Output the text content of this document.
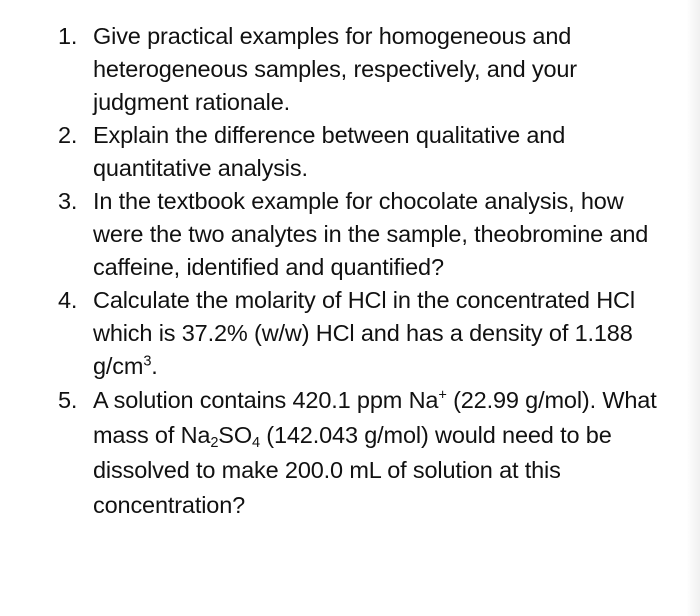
1. Give practical examples for homogeneous and heterogeneous samples, respectively, and your judgment rationale.
2. Explain the difference between qualitative and quantitative analysis.
3. In the textbook example for chocolate analysis, how were the two analytes in the sample, theobromine and caffeine, identified and quantified?
4. Calculate the molarity of HCl in the concentrated HCl which is 37.2% (w/w) HCl and has a density of 1.188 $g/cm^3$.
5. A solution contains 420.1 ppm Na+ (22.99 g/mol). What mass of $Na_2SO_4$ (142.043 g/mol) would need to be dissolved to make 200.0 mL of solution at this concentration?
